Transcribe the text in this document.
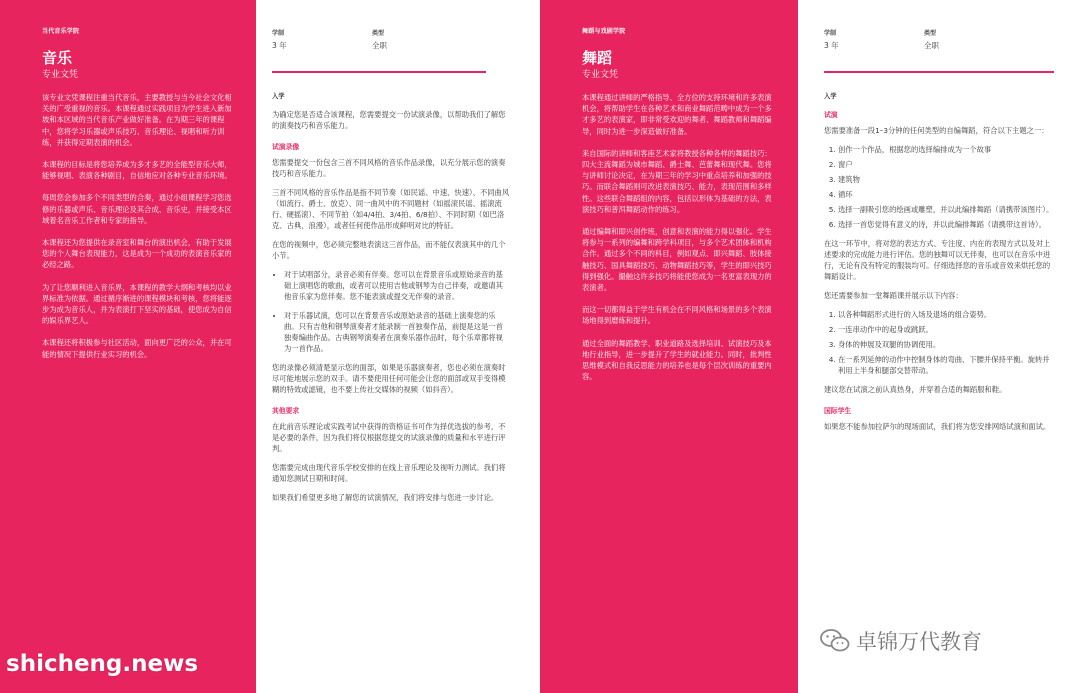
当代音乐学院
音乐
专业文凭

该专业文凭课程注重当代音乐，主要教授与当今社会文化相关的广受重视的音乐。本课程通过实践项目为学生进入新加坡和本区域的当代音乐产业做好准备。在为期三年的课程中，您将学习乐器或声乐技巧、音乐理论、视唱和听力训练，并获得定期表演的机会。

本课程的目标是将您培养成为多才多艺的全能型音乐大师，能够视唱、表演各种剧目，自信地应对各种专业音乐环境。

每周您会参加多个不同类型的合奏，通过小组课程学习您选修的乐器或声乐、音乐理论及其合成、音乐史，并接受本区域着名音乐工作者和专家的指导。

本课程还为您提供在录音室和舞台的演出机会，有助于发展您的个人舞台表现能力，这是成为一个成功的表演音乐家的必经之路。

为了让您顺利进入音乐界，本课程的教学大纲和考核均以业界标准为依据。通过循序渐进的课程模块和考核，您将能逐步为成为音乐人，并为表演打下坚实的基础，使您成为自信的娱乐界艺人。

本课程还将积极参与社区活动，面向更广泛的公众，并在可能的情况下提供行业实习的机会。

学制
3 年
类型
全职
入学

为确定您是否适合该课程，您需要提交一份试演录像，以帮助我们了解您的演奏技巧和音乐能力。

试演录像

您需要提交一份包含三首不同风格的音乐作品录像，以充分展示您的演奏技巧和音乐能力。

三首不同风格的音乐作品是指不同节奏（如民谣、中速、快速）、不同曲风（如流行、爵士、放克）、同一曲风中的不同题材（如摇滚民谣、摇滚流行、硬摇滚）、不同节拍（如4/4拍、3/4拍、6/8拍）、不同时期（如巴洛克、古典、浪漫），或者任何使作品形成鲜明对比的特征。

在您的视频中，您必须完整地表演这三首作品，而不能仅表演其中的几个小节。

• 对于试唱部分，录音必须有伴奏。您可以在背景音乐或原始录音的基础上演唱您的歌曲，或者可以使用吉他或钢琴为自己伴奏，或邀请其他音乐家为您伴奏。您不能表演或提交无伴奏的录音。
• 对于乐器试演，您可以在背景音乐或原始录音的基础上演奏您的乐曲。只有吉他和钢琴演奏者才能录制一首独奏作品，前提是这是一首独奏编曲作品。古典钢琴演奏者在演奏乐器作品时，每个乐章都将视为一首作品。

您的录像必须清楚显示您的面部，如果是乐器演奏者，您也必须在演奏时尽可能地展示您的双手。请不要使用任何可能会让您的面部或双手变得模糊的特效或滤镜，也不要上传社交媒体的视频（如抖音）。

其他要求

在此前音乐理论或实践考试中获得的资格证书可作为择优选拔的参考，不是必要的条件，因为我们将仅根据您提交的试演录像的质量和水平进行评判。

您需要完成由现代音乐学校安排的在线上音乐理论及视听力测试。我们将通知您测试日期和时间。

如果我们希望更多地了解您的试演情况，我们将安排与您进一步讨论。

舞蹈与戏剧学院
舞蹈
专业文凭

本课程通过讲师的严格指导、全方位的支持环境和许多表演机会，将帮助学生在各种艺术和商业舞蹈范畴中成为一个多才多艺的表演家，即非常受欢迎的舞者、舞蹈教师和舞蹈编导，同时为进一步深造做好准备。

来自国际的讲师和客座艺术家将教授各种各样的舞蹈技巧：四大主流舞蹈为城市舞蹈、爵士舞、芭蕾舞和现代舞。您将与讲师讨论决定，在为期三年的学习中重点培养和加强的技巧。而联合舞蹈则可改进表演技巧、能力，表现范围和多样性。这些联合舞蹈组的内容，包括以形体为基础的方法，表演技巧和普洱舞蹈动作的练习。

通过编舞和即兴创作班，创意和表演的能力得以强化。学生将参与一系列的编舞和跨学科项目，与多个艺术团体和机构合作。通过多个不同的科目，例如观点、即兴舞蹈、肢体接触技巧、国具舞蹈技巧、动物舞蹈技巧等，学生的即兴技巧得到强化。撮触这许多技巧将能使您成为一名更富表现力的表演者。

而这一切都得益于学生有机会在不同风格和场景的多个表演场地得到磨练和提升。

通过全面的舞蹈教学、职业道路及选择培训、试演技巧及本地行业指导，进一步提升了学生的就业能力。同时，批判性思维模式和自我反思能力的培养也是每个层次训练的重要内容。

学制
3 年
类型
全职
入学
试演

您需要准备一段1–3分钟的任何类型的自编舞蹈，符合以下主题之一：

1. 创作一个作品，根据您的选择编排成为一个故事
2. 窗户
3. 建筑物
4. 循环
5. 选择一副吸引您的绘画或雕塑，并以此编排舞蹈（请携带该图片）。
6. 选择一首您觉得有意义的诗，并以此编排舞蹈（请携带这首诗）。

在这一环节中，将对您的表达方式、专注度、内在的表现方式以及对上述要求的完成能力进行评估。您的独舞可以无伴奏，也可以在音乐中进行，无论有没有特定的服装均可。仔细选择您的音乐或音效来烘托您的舞蹈设计。

您还需要参加一堂舞蹈课并展示以下内容：

1. 以各种舞蹈形式进行的入场及退场的组合姿势。
2. 一连串动作中的起身或跳跃。
3. 身体的伸展及双腿的协调使用。
4. 在一系列延伸的动作中控制身体的弯曲、下腰并保持平衡。旋转并利用上半身和腿部交替带动。

建议您在试演之前认真热身，并穿着合适的舞蹈服和鞋。

国际学生

如果您不能参加拉萨尔的现场面试，我们将为您安排网络试演和面试。

shicheng.news
卓锦万代教育
